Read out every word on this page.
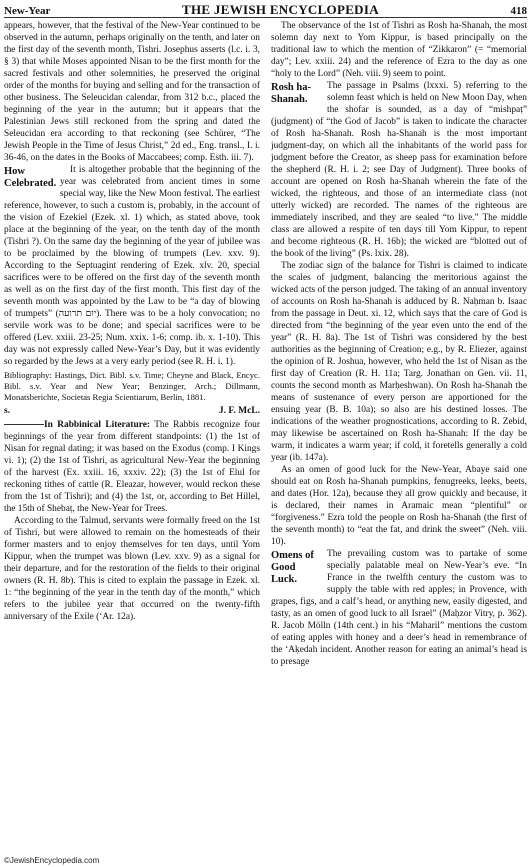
New-Year	THE JEWISH ENCYCLOPEDIA	418

appears, however, that the festival of the New-Year continued to be observed in the autumn, perhaps originally on the tenth, and later on the first day of the seventh month, Tishri. Josephus asserts (l.c. i. 3, § 3) that while Moses appointed Nisan to be the first month for the sacred festivals and other solemnities, he preserved the original order of the months for buying and selling and for the transaction of other business. The Seleucidan calendar, from 312 b.c., placed the beginning of the year in the autumn; but it appears that the Palestinian Jews still reckoned from the spring and dated the Seleucidan era according to that reckoning (see Schürer, “The Jewish People in the Time of Jesus Christ,” 2d ed., Eng. transl., I. i. 36-46, on the dates in the Books of Maccabees; comp. Esth. iii. 7).

How Celebrated.

It is altogether probable that the beginning of the year was celebrated from ancient times in some special way, like the New Moon festival. The earliest reference, however, to such a custom is, probably, in the account of the vision of Ezekiel (Ezek. xl. 1) which, as stated above, took place at the beginning of the year, on the tenth day of the month (Tishri ?). On the same day the beginning of the year of jubilee was to be proclaimed by the blowing of trumpets (Lev. xxv. 9). According to the Septuagint rendering of Ezek. xlv. 20, special sacrifices were to be offered on the first day of the seventh month as well as on the first day of the first month. This first day of the seventh month was appointed by the Law to be “a day of blowing of trumpets” (יום תרועה). There was to be a holy convocation; no servile work was to be done; and special sacrifices were to be offered (Lev. xxiii. 23-25; Num. xxix. 1-6; comp. ib. x. 1-10). This day was not expressly called New-Year’s Day, but it was evidently so regarded by the Jews at a very early period (see R. H. i. 1).

Bibliography: Hastings, Dict. Bibl. s.v. Time; Cheyne and Black, Encyc. Bibl. s.v. Year and New Year; Benzinger, Arch.; Dillmann, Monatsberichte, Societas Regia Scientiarum, Berlin, 1881.

s.	J. F. McL.

In Rabbinical Literature: The Rabbis recognize four beginnings of the year from different standpoints: (1) the 1st of Nisan for regnal dating; it was based on the Exodus (comp. I Kings vi. 1); (2) the 1st of Tishri, as agricultural New-Year the beginning of the harvest (Ex. xxiii. 16, xxxiv. 22); (3) the 1st of Elul for reckoning tithes of cattle (R. Eleazar, however, would reckon these from the 1st of Tishri); and (4) the 1st, or, according to Bet Hillel, the 15th of Shebaṭ, the New-Year for Trees.

According to the Talmud, servants were formally freed on the 1st of Tishri, but were allowed to remain on the homesteads of their former masters and to enjoy themselves for ten days, until Yom Kippur, when the trumpet was blown (Lev. xxv. 9) as a signal for their departure, and for the restoration of the fields to their original owners (R. H. 8b). This is cited to explain the passage in Ezek. xl. 1: “the beginning of the year in the tenth day of the month,” which refers to the jubilee year that occurred on the twenty-fifth anniversary of the Exile (‘Ar. 12a).

The observance of the 1st of Tishri as Rosh ha-Shanah, the most solemn day next to Yom Kippur, is based principally on the traditional law to which the mention of “Zikkaron” (= “memorial day”; Lev. xxiii. 24) and the reference of Ezra to the day as one “holy to the Lord” (Neh. viii. 9) seem to point.

Rosh ha-Shanah.

The passage in Psalms (lxxxi. 5) referring to the solemn feast which is held on New Moon Day, when the shofar is sounded, as a day of “mishpaṭ” (judgment) of “the God of Jacob” is taken to indicate the character of Rosh ha-Shanah. Rosh ha-Shanah is the most important judgment-day, on which all the inhabitants of the world pass for judgment before the Creator, as sheep pass for examination before the shepherd (R. H. i. 2; see Day of Judgment). Three books of account are opened on Rosh ha-Shanah wherein the fate of the wicked, the righteous, and those of an intermediate class (not utterly wicked) are recorded. The names of the righteous are immediately inscribed, and they are sealed “to live.” The middle class are allowed a respite of ten days till Yom Kippur, to repent and become righteous (R. H. 16b); the wicked are “blotted out of the book of the living” (Ps. lxix. 28).

The zodiac sign of the balance for Tishri is claimed to indicate the scales of judgment, balancing the meritorious against the wicked acts of the person judged. The taking of an annual inventory of accounts on Rosh ha-Shanah is adduced by R. Naḥman b. Isaac from the passage in Deut. xi. 12, which says that the care of God is directed from “the beginning of the year even unto the end of the year” (R. H. 8a). The 1st of Tishri was considered by the best authorities as the beginning of Creation; e.g., by R. Eliezer, against the opinion of R. Joshua, however, who held the 1st of Nisan as the first day of Creation (R. H. 11a; Targ. Jonathan on Gen. vii. 11, counts the second month as Marḥeshwan). On Rosh ha-Shanah the means of sustenance of every person are apportioned for the ensuing year (B. B. 10a); so also are his destined losses. The indications of the weather prognostications, according to R. Zebid, may likewise be ascertained on Rosh ha-Shanah: If the day be warm, it indicates a warm year; if cold, it foretells generally a cold year (ib. 147a).

As an omen of good luck for the New-Year, Abaye said one should eat on Rosh ha-Shanah pumpkins, fenugreeks, leeks, beets, and dates (Hor. 12a), because they all grow quickly and because, it is declared, their names in Aramaic mean “plentiful” or “forgiveness.” Ezra told the people on Rosh ha-Shanah (the first of the seventh month) to “eat the fat, and drink the sweet” (Neh. viii. 10).

Omens of Good Luck.

The prevailing custom was to partake of some specially palatable meal on New-Year’s eve. “In France in the twelfth century the custom was to supply the table with red apples; in Provence, with grapes, figs, and a calf’s head, or anything new, easily digested, and tasty, as an omen of good luck to all Israel” (Maḥzor Vitry, p. 362). R. Jacob Mölln (14th cent.) in his “Maharil” mentions the custom of eating apples with honey and a deer’s head in remembrance of the ‘Aḳedah incident. Another reason for eating an animal’s head is to presage

©JewishEncyclopedia.com
